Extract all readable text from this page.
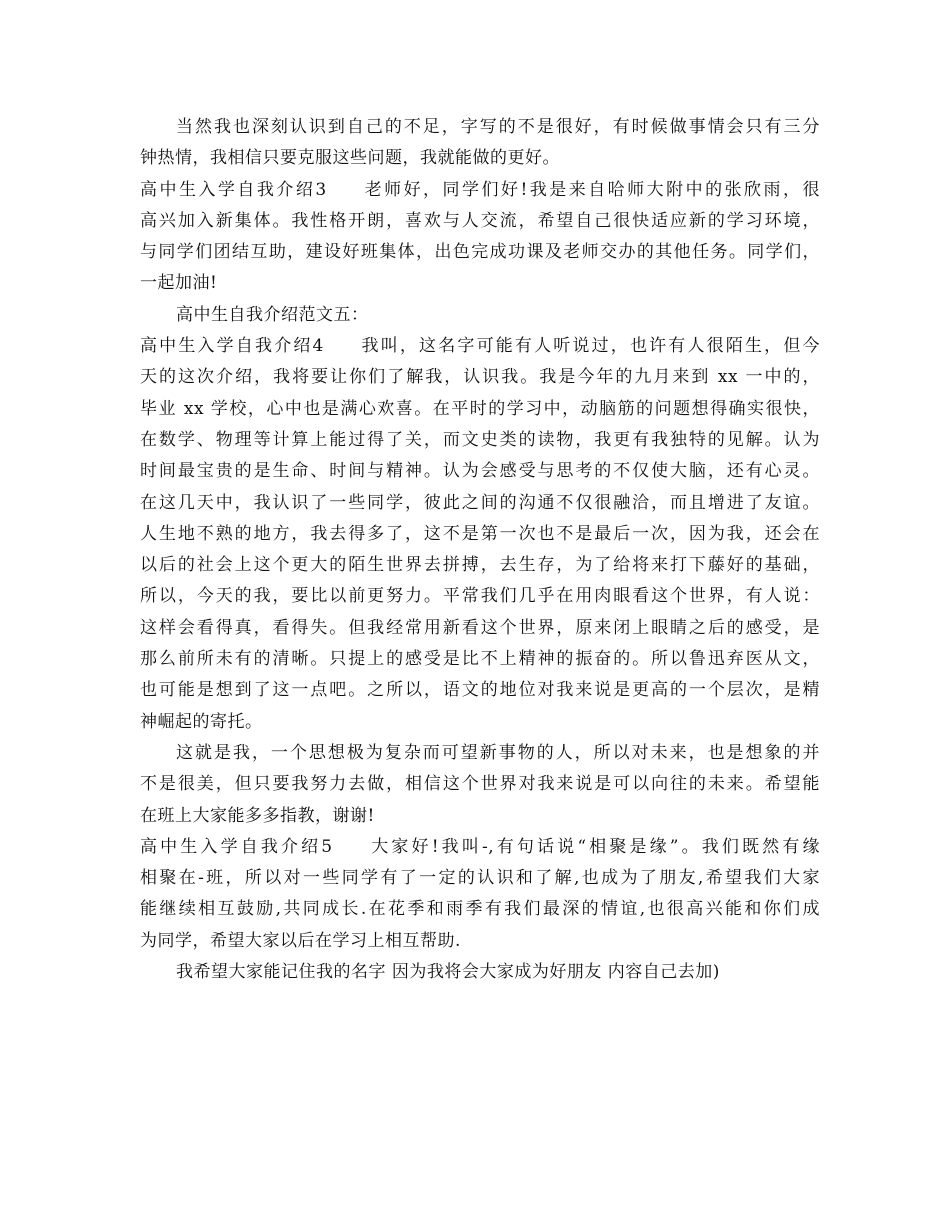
当然我也深刻认识到自己的不足，字写的不是很好，有时候做事情会只有三分
钟热情，我相信只要克服这些问题，我就能做的更好。
高中生入学自我介绍3 老师好，同学们好!我是来自哈师大附中的张欣雨，很
高兴加入新集体。我性格开朗，喜欢与人交流，希望自己很快适应新的学习环境，
与同学们团结互助，建设好班集体，出色完成功课及老师交办的其他任务。同学们，
一起加油!
高中生自我介绍范文五：
高中生入学自我介绍4 我叫，这名字可能有人听说过，也许有人很陌生，但今
天的这次介绍，我将要让你们了解我，认识我。我是今年的九月来到 xx 一中的，
毕业 xx 学校，心中也是满心欢喜。在平时的学习中，动脑筋的问题想得确实很快，
在数学、物理等计算上能过得了关，而文史类的读物，我更有我独特的见解。认为
时间最宝贵的是生命、时间与精神。认为会感受与思考的不仅使大脑，还有心灵。
在这几天中，我认识了一些同学，彼此之间的沟通不仅很融洽，而且增进了友谊。
人生地不熟的地方，我去得多了，这不是第一次也不是最后一次，因为我，还会在
以后的社会上这个更大的陌生世界去拼搏，去生存，为了给将来打下藤好的基础，
所以，今天的我，要比以前更努力。平常我们几乎在用肉眼看这个世界，有人说：
这样会看得真，看得失。但我经常用新看这个世界，原来闭上眼睛之后的感受，是
那么前所未有的清晰。只提上的感受是比不上精神的振奋的。所以鲁迅弃医从文，
也可能是想到了这一点吧。之所以，语文的地位对我来说是更高的一个层次，是精
神崛起的寄托。
这就是我，一个思想极为复杂而可望新事物的人，所以对未来，也是想象的并
不是很美，但只要我努力去做，相信这个世界对我来说是可以向往的未来。希望能
在班上大家能多多指教，谢谢!
高中生入学自我介绍5 大家好!我叫-,有句话说“相聚是缘”。我们既然有缘
相聚在-班，所以对一些同学有了一定的认识和了解,也成为了朋友,希望我们大家
能继续相互鼓励,共同成长.在花季和雨季有我们最深的情谊,也很高兴能和你们成
为同学，希望大家以后在学习上相互帮助.
我希望大家能记住我的名字 因为我将会大家成为好朋友 内容自己去加)
